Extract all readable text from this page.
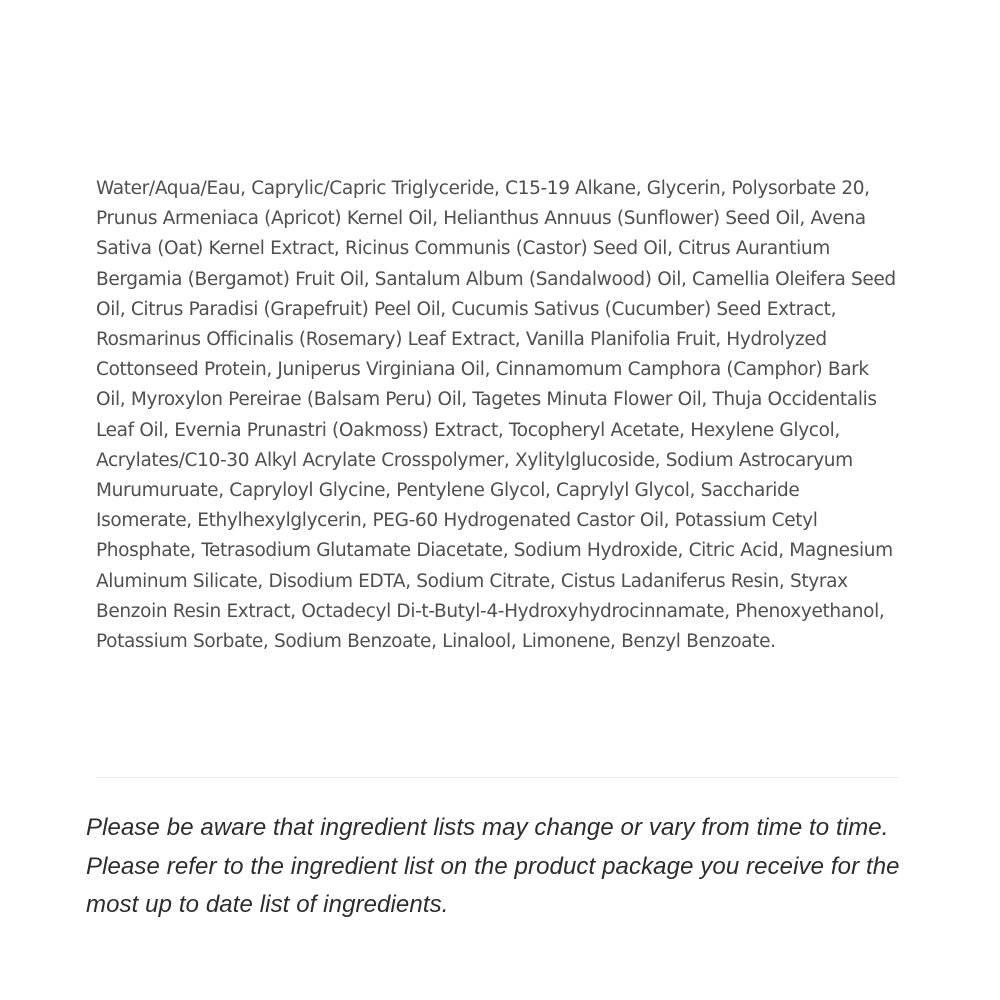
Water/Aqua/Eau, Caprylic/Capric Triglyceride, C15-19 Alkane, Glycerin, Polysorbate 20, Prunus Armeniaca (Apricot) Kernel Oil, Helianthus Annuus (Sunflower) Seed Oil, Avena Sativa (Oat) Kernel Extract, Ricinus Communis (Castor) Seed Oil, Citrus Aurantium Bergamia (Bergamot) Fruit Oil, Santalum Album (Sandalwood) Oil, Camellia Oleifera Seed Oil, Citrus Paradisi (Grapefruit) Peel Oil, Cucumis Sativus (Cucumber) Seed Extract, Rosmarinus Officinalis (Rosemary) Leaf Extract, Vanilla Planifolia Fruit, Hydrolyzed Cottonseed Protein, Juniperus Virginiana Oil, Cinnamomum Camphora (Camphor) Bark Oil, Myroxylon Pereirae (Balsam Peru) Oil, Tagetes Minuta Flower Oil, Thuja Occidentalis Leaf Oil, Evernia Prunastri (Oakmoss) Extract, Tocopheryl Acetate, Hexylene Glycol, Acrylates/C10-30 Alkyl Acrylate Crosspolymer, Xylitylglucoside, Sodium Astrocaryum Murumuruate, Capryloyl Glycine, Pentylene Glycol, Caprylyl Glycol, Saccharide Isomerate, Ethylhexylglycerin, PEG-60 Hydrogenated Castor Oil, Potassium Cetyl Phosphate, Tetrasodium Glutamate Diacetate, Sodium Hydroxide, Citric Acid, Magnesium Aluminum Silicate, Disodium EDTA, Sodium Citrate, Cistus Ladaniferus Resin, Styrax Benzoin Resin Extract, Octadecyl Di-t-Butyl-4-Hydroxyhydrocinnamate, Phenoxyethanol, Potassium Sorbate, Sodium Benzoate, Linalool, Limonene, Benzyl Benzoate.

Please be aware that ingredient lists may change or vary from time to time. Please refer to the ingredient list on the product package you receive for the most up to date list of ingredients.
